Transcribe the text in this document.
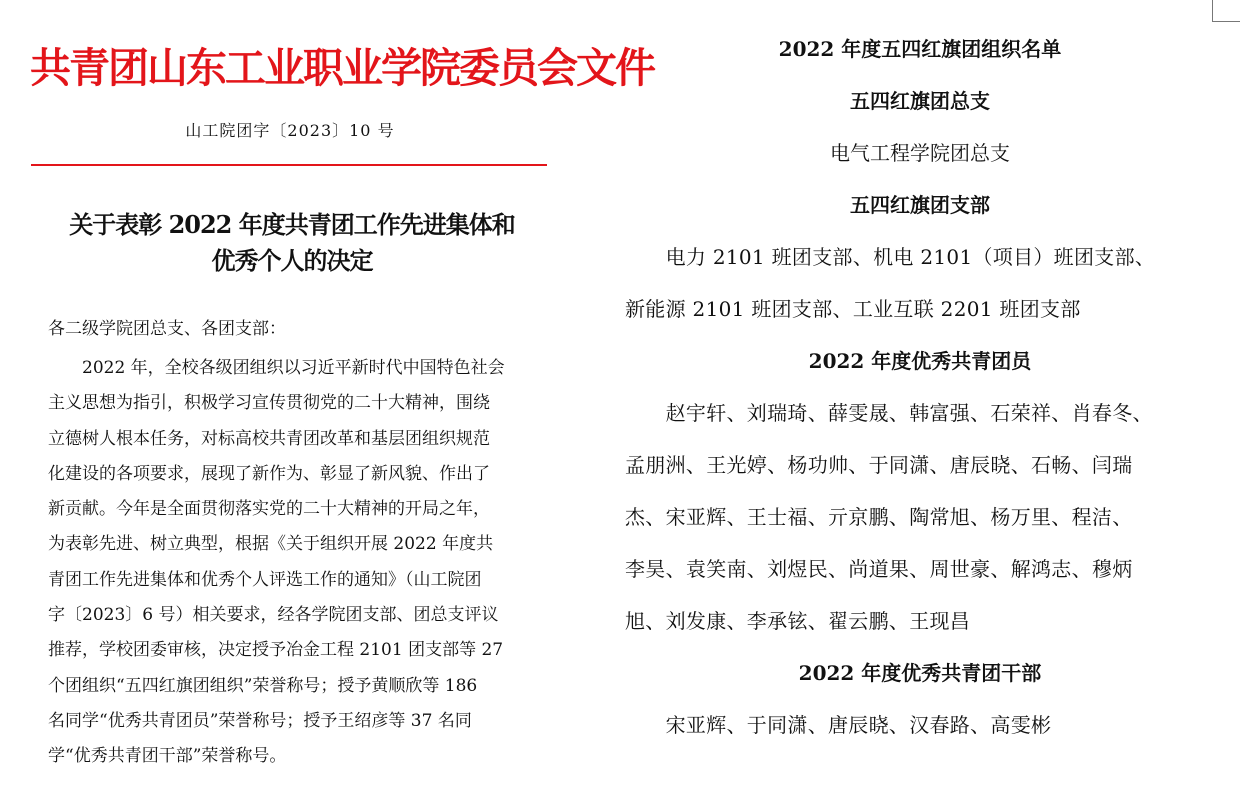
共青团山东工业职业学院委员会文件
山工院团字〔2023〕10 号
关于表彰 2022 年度共青团工作先进集体和
优秀个人的决定
各二级学院团总支、各团支部：
　　2022 年，全校各级团组织以习近平新时代中国特色社会
主义思想为指引，积极学习宣传贯彻党的二十大精神，围绕
立德树人根本任务，对标高校共青团改革和基层团组织规范
化建设的各项要求，展现了新作为、彰显了新风貌、作出了
新贡献。今年是全面贯彻落实党的二十大精神的开局之年，
为表彰先进、树立典型，根据《关于组织开展 2022 年度共
青团工作先进集体和优秀个人评选工作的通知》（山工院团
字〔2023〕6 号）相关要求，经各学院团支部、团总支评议
推荐，学校团委审核，决定授予冶金工程 2101 团支部等 27
个团组织“五四红旗团组织”荣誉称号；授予黄顺欣等 186
名同学“优秀共青团员”荣誉称号；授予王绍彦等 37 名同
学“优秀共青团干部”荣誉称号。
2022 年度五四红旗团组织名单
五四红旗团总支
电气工程学院团总支
五四红旗团支部
　　电力 2101 班团支部、机电 2101（项目）班团支部、
新能源 2101 班团支部、工业互联 2201 班团支部
2022 年度优秀共青团员
　　赵宇轩、刘瑞琦、薛雯晟、韩富强、石荣祥、肖春冬、
孟朋洲、王光婷、杨功帅、于同潇、唐辰晓、石畅、闫瑞
杰、宋亚辉、王士福、亓京鹏、陶常旭、杨万里、程洁、
李昊、袁笑南、刘煜民、尚道果、周世豪、解鸿志、穆炳
旭、刘发康、李承铉、翟云鹏、王现昌
2022 年度优秀共青团干部
　　宋亚辉、于同潇、唐辰晓、汉春路、高雯彬
